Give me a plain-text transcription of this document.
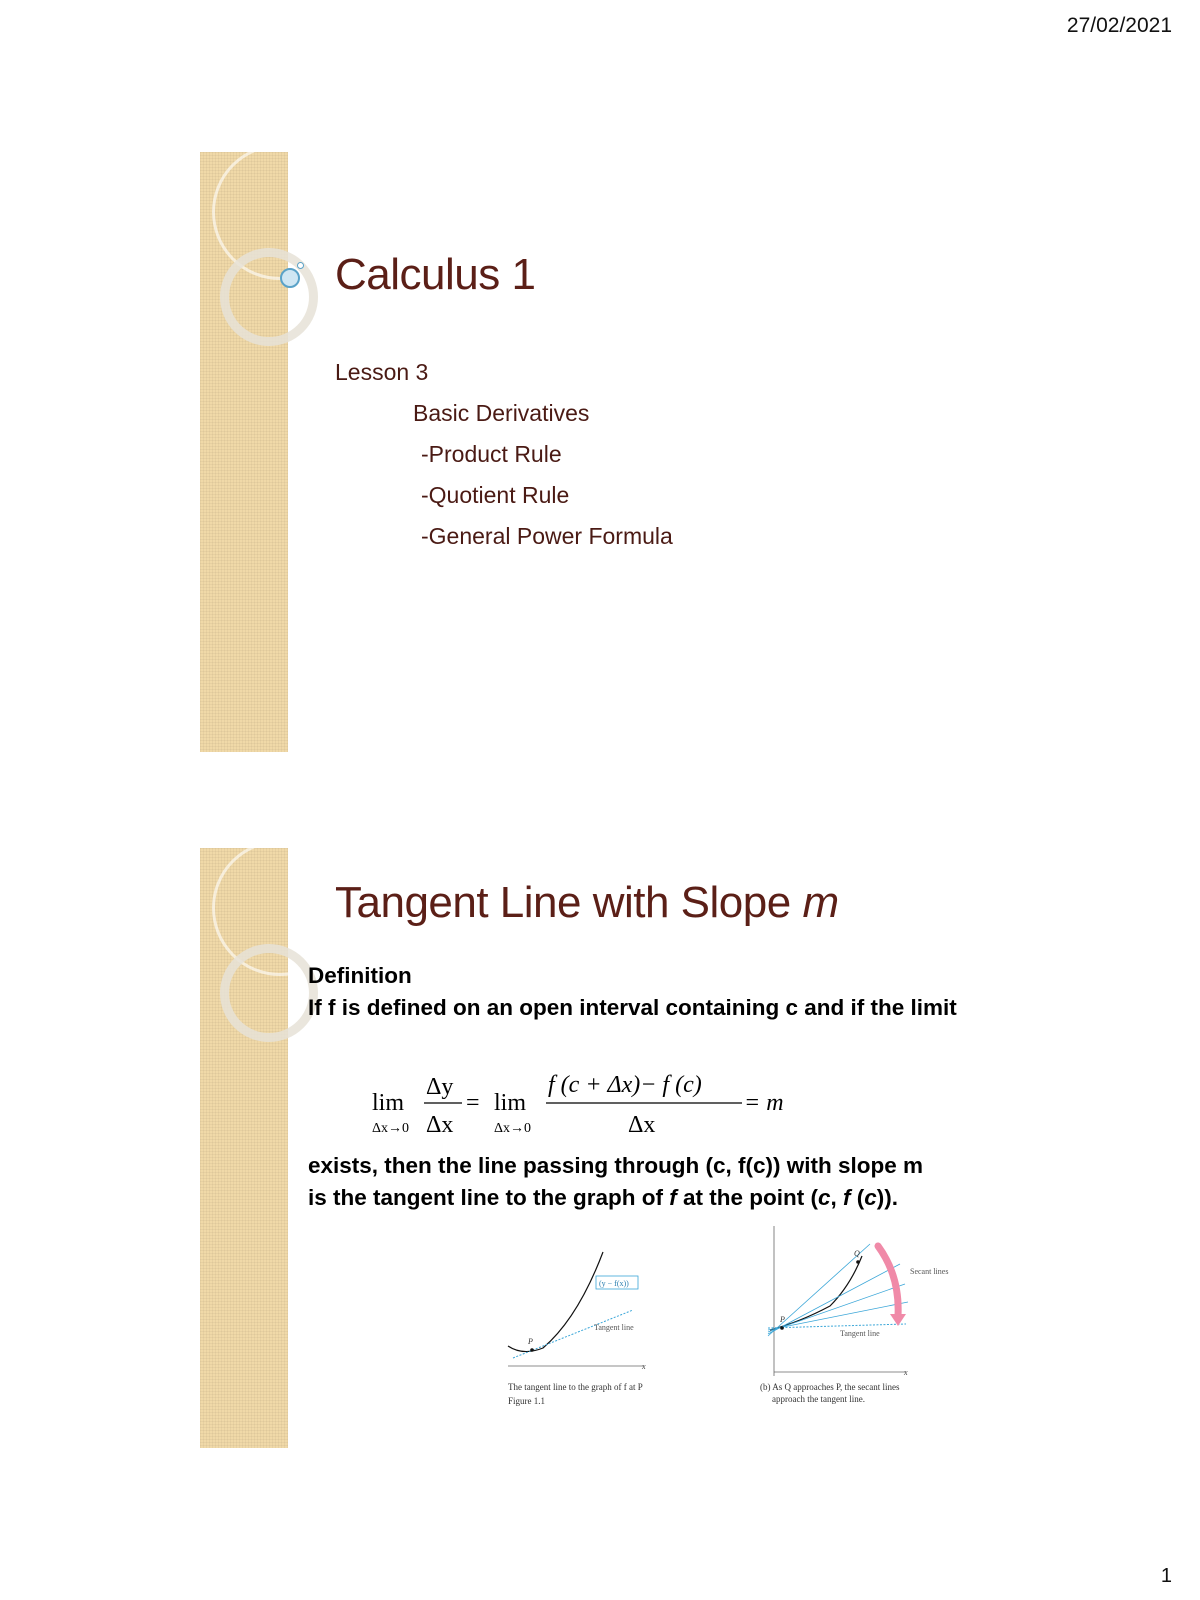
27/02/2021
Calculus 1
Lesson 3
Basic Derivatives
-Product Rule
-Quotient Rule
-General Power Formula
Tangent Line with Slope m
Definition
If f is defined on an open interval containing c and if the limit
lim
Δx→0
Δy
Δx
= lim
Δx→0
f (c + Δx)− f (c)
Δx
= m
exists, then the line passing through (c, f(c)) with slope m is the tangent line to the graph of f at the point (c, f (c)).
(y − f(x))
Tangent line
P
x
The tangent line to the graph of f at P
Figure 1.1
P
Q
Secant lines
Tangent line
x
(b) As Q approaches P, the secant lines
approach the tangent line.
1
